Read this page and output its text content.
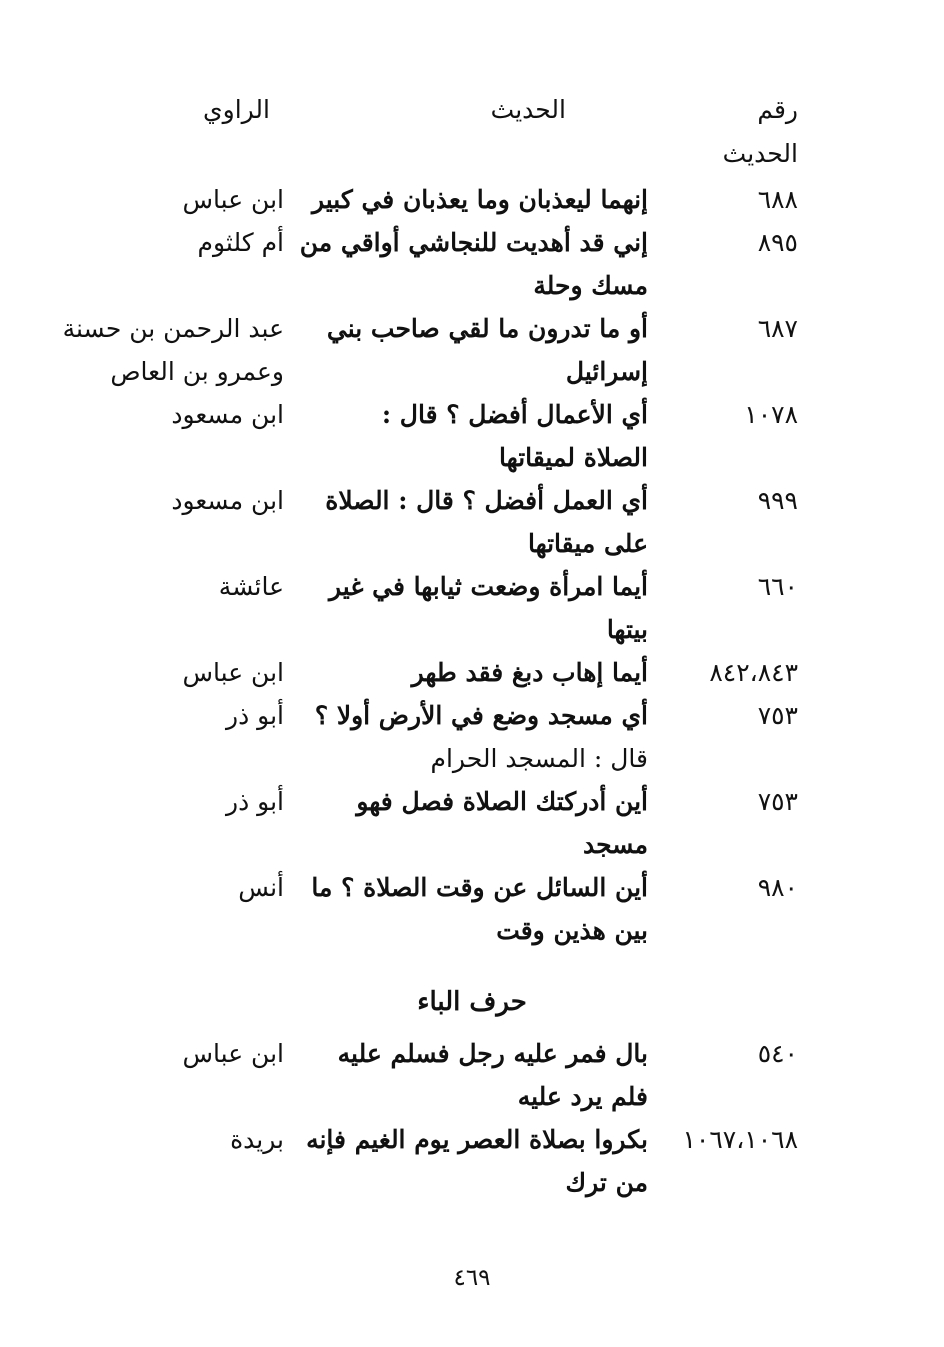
رقم
الحديث
الحديث
الراوي
٦٨٨
إنهما ليعذبان وما يعذبان في كبير
ابن عباس
٨٩٥
إني قد أهديت للنجاشي أواقي من
مسك وحلة
أم كلثوم
٦٨٧
أو ما تدرون ما لقي صاحب بني
إسرائيل
عبد الرحمن بن حسنة
وعمرو بن العاص
١٠٧٨
أي الأعمال أفضل ؟ قال :
الصلاة لميقاتها
ابن مسعود
٩٩٩
أي العمل أفضل ؟ قال : الصلاة
على ميقاتها
ابن مسعود
٦٦٠
أيما امرأة وضعت ثيابها في غير
بيتها
عائشة
٨٤٢،٨٤٣
أيما إهاب دبغ فقد طهر
ابن عباس
٧٥٣
أي مسجد وضع في الأرض أولا ؟
قال : المسجد الحرام
أبو ذر
٧٥٣
أين أدركتك الصلاة فصل فهو
مسجد
أبو ذر
٩٨٠
أين السائل عن وقت الصلاة ؟ ما
بين هذين وقت
أنس
حرف الباء
٥٤٠
بال فمر عليه رجل فسلم عليه
فلم يرد عليه
ابن عباس
١٠٦٧،١٠٦٨
بكروا بصلاة العصر يوم الغيم فإنه
من ترك
بريدة
٤٦٩
